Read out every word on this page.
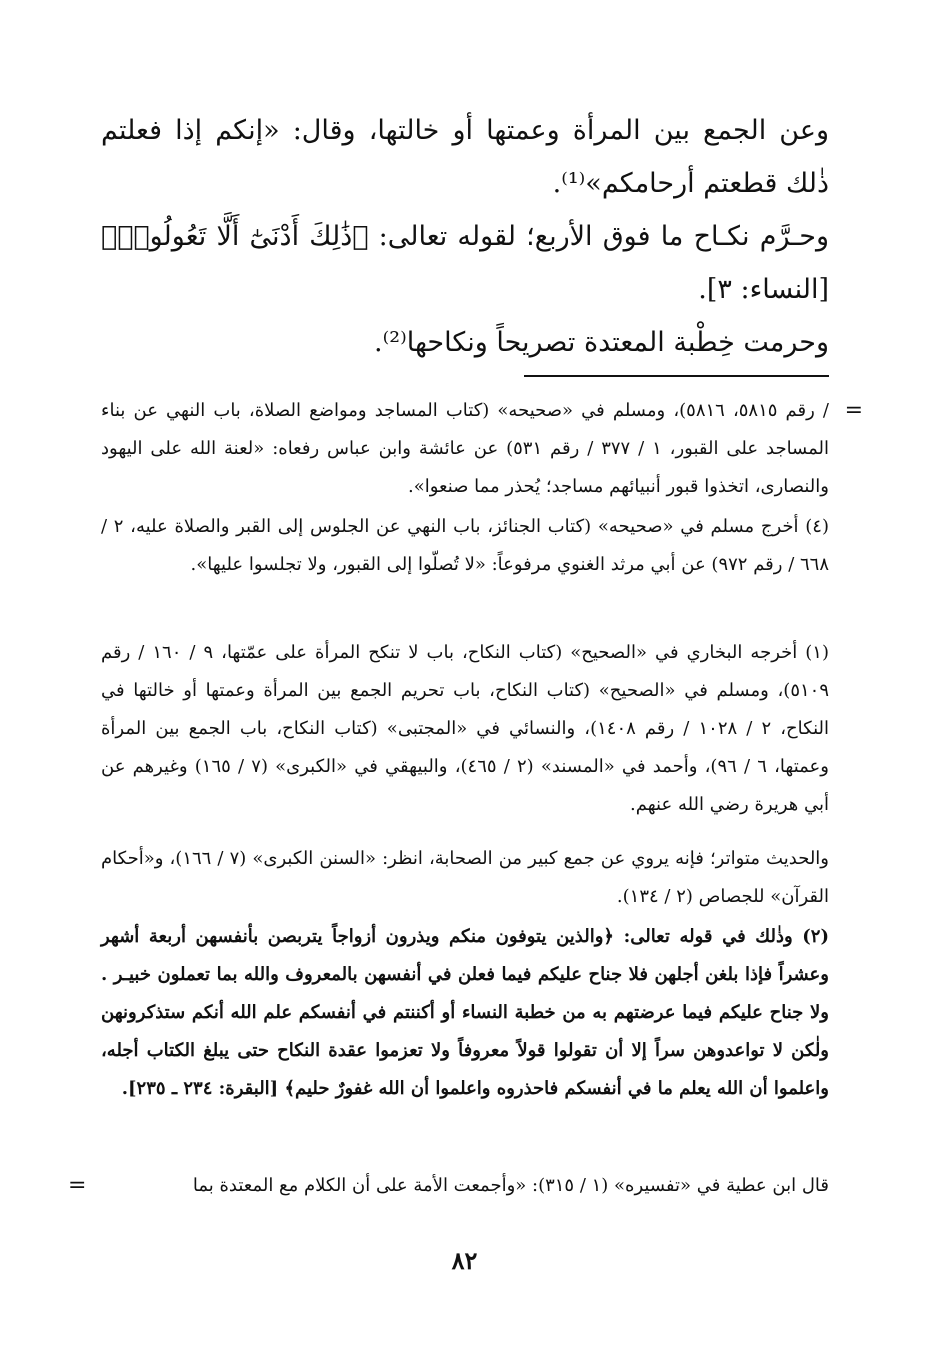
وعن الجمع بين المرأة وعمتها أو خالتها، وقال: «إنكم إذا فعلتم ذٰلك قطعتم أرحامكم»⁽¹⁾.

وحـرَّم نكـاح ما فوق الأربع؛ لقوله تعالى: ﴿ذَٰلِكَ أَدْنَىٰٓ أَلَّا تَعُولُوا۟﴾ [النساء: ٣].

وحرمت خِطْبة المعتدة تصريحاً ونكاحها⁽²⁾.

=

/ رقم ٥٨١٥، ٥٨١٦)، ومسلم في «صحيحه» (كتاب المساجد ومواضع الصلاة، باب النهي عن بناء المساجد على القبور، ١ / ٣٧٧ / رقم ٥٣١) عن عائشة وابن عباس رفعاه: «لعنة الله على اليهود والنصارى، اتخذوا قبور أنبيائهم مساجد؛ يُحذر مما صنعوا».

(٤) أخرج مسلم في «صحيحه» (كتاب الجنائز، باب النهي عن الجلوس إلى القبر والصلاة عليه، ٢ / ٦٦٨ / رقم ٩٧٢) عن أبي مرثد الغنوي مرفوعاً: «لا تُصلّوا إلى القبور، ولا تجلسوا عليها».

(١) أخرجه البخاري في «الصحيح» (كتاب النكاح، باب لا تنكح المرأة على عمّتها، ٩ / ١٦٠ / رقم ٥١٠٩)، ومسلم في «الصحيح» (كتاب النكاح، باب تحريم الجمع بين المرأة وعمتها أو خالتها في النكاح، ٢ / ١٠٢٨ / رقم ١٤٠٨)، والنسائي في «المجتبى» (كتاب النكاح، باب الجمع بين المرأة وعمتها، ٦ / ٩٦)، وأحمد في «المسند» (٢ / ٤٦٥)، والبيهقي في «الكبرى» (٧ / ١٦٥) وغيرهم عن أبي هريرة رضي الله عنهم.

والحديث متواتر؛ فإنه يروي عن جمع كبير من الصحابة، انظر: «السنن الكبرى» (٧ / ١٦٦)، و«أحكام القرآن» للجصاص (٢ / ١٣٤).

(٢) وذٰلك في قوله تعالى: ﴿والذين يتوفون منكم ويذرون أزواجاً يتربصن بأنفسهن أربعة أشهر وعشراً فإذا بلغن أجلهن فلا جناح عليكم فيما فعلن في أنفسهن بالمعروف والله بما تعملون خبيـر . ولا جناح عليكم فيما عرضتهم به من خطبة النساء أو أكننتم في أنفسكم علم الله أنكم ستذكرونهن ولٰكن لا تواعدوهن سراً إلا أن تقولوا قولاً معروفاً ولا تعزموا عقدة النكاح حتى يبلغ الكتاب أجله، واعلموا أن الله يعلم ما في أنفسكم فاحذروه واعلموا أن الله غفورٌ حليم﴾ [البقرة: ٢٣٤ ـ ٢٣٥].

قال ابن عطية في «تفسيره» (١ / ٣١٥): «وأجمعت الأمة على أن الكلام مع المعتدة بما

=
٨٢
